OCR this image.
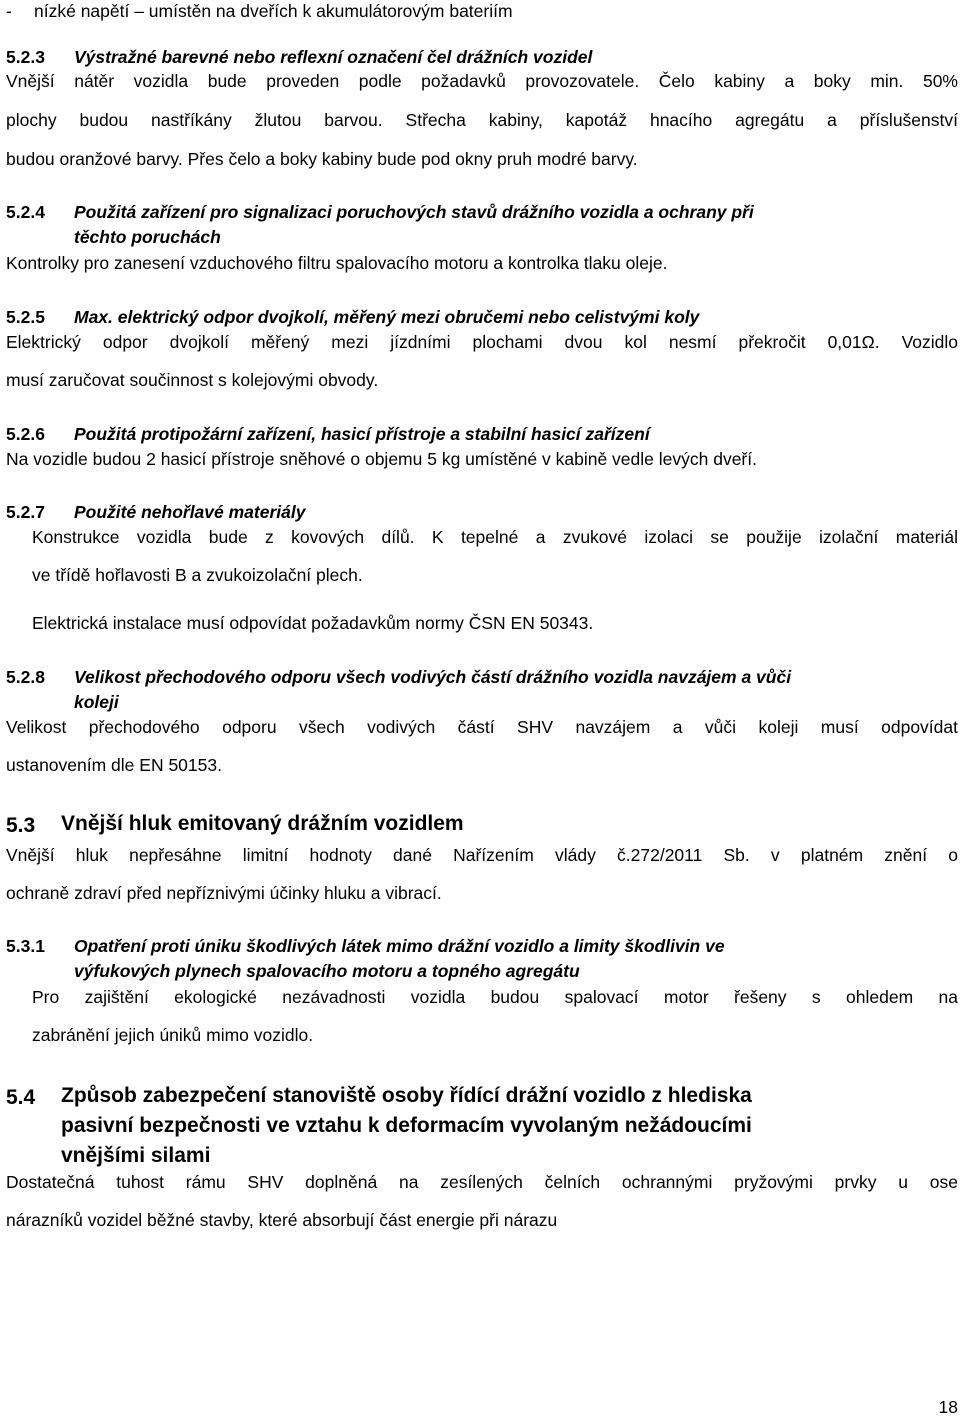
- nízké napětí – umístěn na dveřích k akumulátorovým bateriím
5.2.3 Výstražné barevné nebo reflexní označení čel drážních vozidel
Vnější nátěr vozidla bude proveden podle požadavků provozovatele. Čelo kabiny a boky min. 50%
plochy budou nastříkány žlutou barvou. Střecha kabiny, kapotáž hnacího agregátu a příslušenství
budou oranžové barvy. Přes čelo a boky kabiny bude pod okny pruh modré barvy.
5.2.4 Použitá zařízení pro signalizaci poruchových stavů drážního vozidla a ochrany při
těchto poruchách
Kontrolky pro zanesení vzduchového filtru spalovacího motoru a kontrolka tlaku oleje.
5.2.5 Max. elektrický odpor dvojkolí, měřený mezi obručemi nebo celistvými koly
Elektrický odpor dvojkolí měřený mezi jízdními plochami dvou kol nesmí překročit 0,01Ω. Vozidlo
musí zaručovat součinnost s kolejovými obvody.
5.2.6 Použitá protipožární zařízení, hasicí přístroje a stabilní hasicí zařízení
Na vozidle budou 2 hasicí přístroje sněhové o objemu 5 kg umístěné v kabině vedle levých dveří.
5.2.7 Použité nehořlavé materiály
Konstrukce vozidla bude z kovových dílů. K tepelné a zvukové izolaci se použije izolační materiál
ve třídě hořlavosti B a zvukoizolační plech.
Elektrická instalace musí odpovídat požadavkům normy ČSN EN 50343.
5.2.8 Velikost přechodového odporu všech vodivých částí drážního vozidla navzájem a vůči
koleji
Velikost přechodového odporu všech vodivých částí SHV navzájem a vůči koleji musí odpovídat
ustanovením dle EN 50153.
5.3 Vnější hluk emitovaný drážním vozidlem
Vnější hluk nepřesáhne limitní hodnoty dané Nařízením vlády č.272/2011 Sb. v platném znění o
ochraně zdraví před nepříznivými účinky hluku a vibrací.
5.3.1 Opatření proti úniku škodlivých látek mimo drážní vozidlo a limity škodlivin ve
výfukových plynech spalovacího motoru a topného agregátu
Pro zajištění ekologické nezávadnosti vozidla budou spalovací motor řešeny s ohledem na
zabránění jejich úniků mimo vozidlo.
5.4 Způsob zabezpečení stanoviště osoby řídící drážní vozidlo z hlediska
pasivní bezpečnosti ve vztahu k deformacím vyvolaným nežádoucími
vnějšími silami
Dostatečná tuhost rámu SHV doplněná na zesílených čelních ochrannými pryžovými prvky u ose
nárazníků vozidel běžné stavby, které absorbují část energie při nárazu
18
